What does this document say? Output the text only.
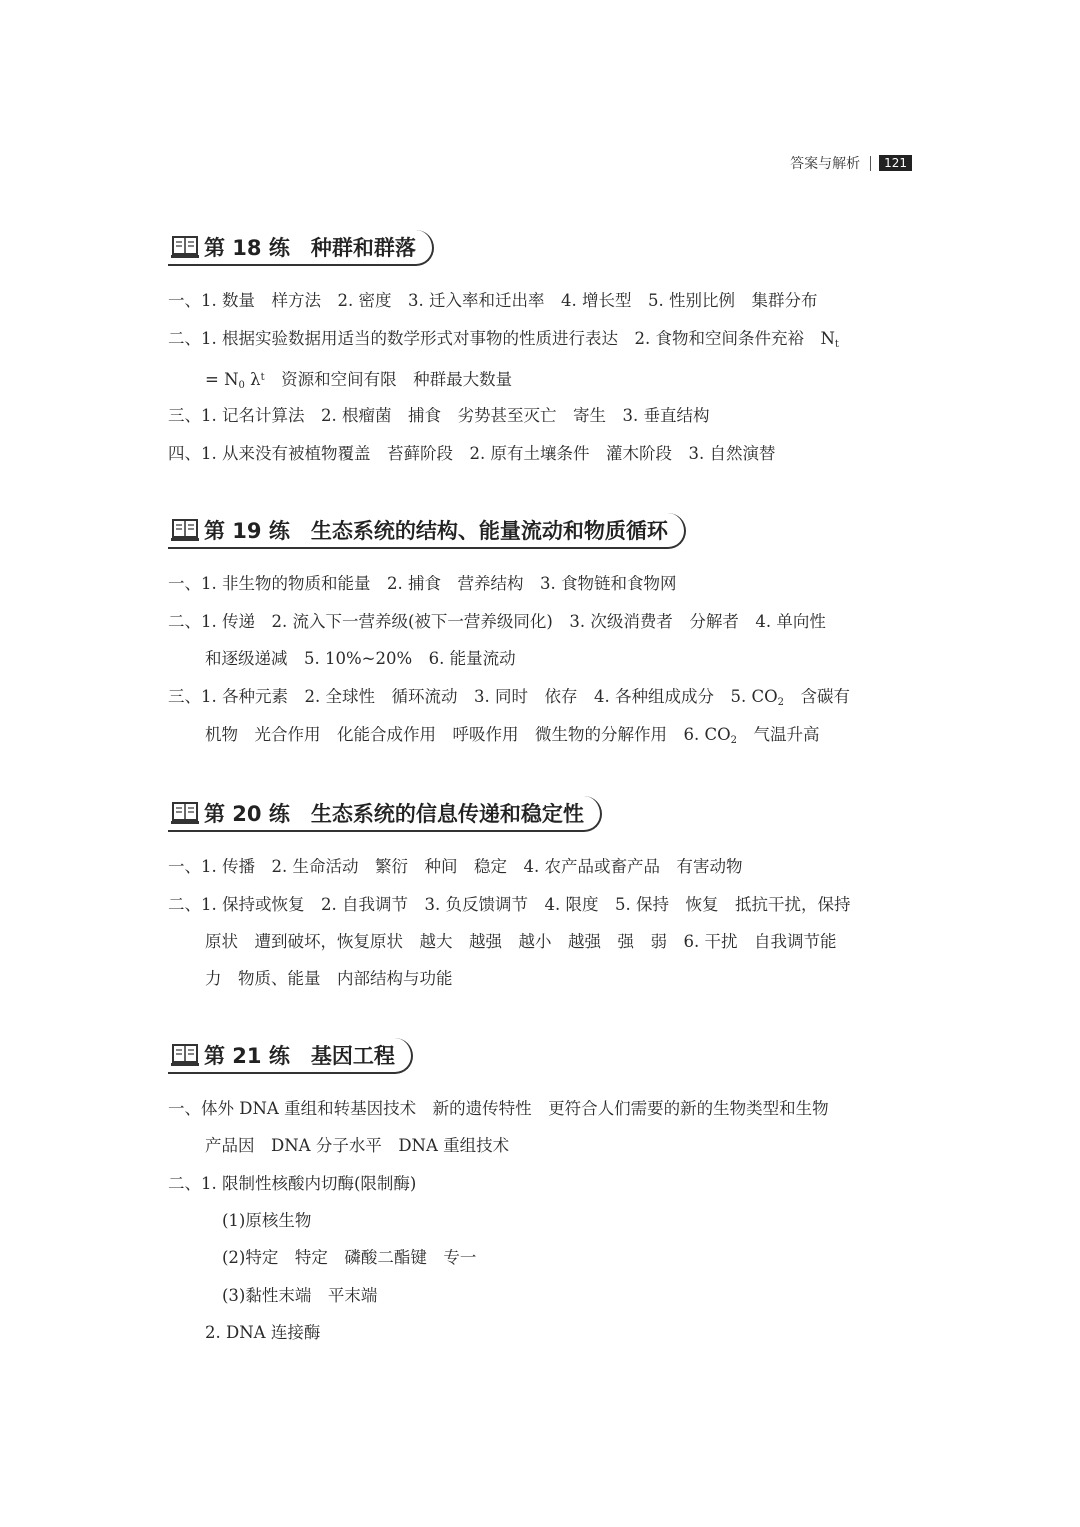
答案与解析	121
第 18 练　种群和群落
一、1. 数量　样方法　2. 密度　3. 迁入率和迁出率　4. 增长型　5. 性别比例　集群分布
二、1. 根据实验数据用适当的数学形式对事物的性质进行表达　2. 食物和空间条件充裕　$N_t$
= $N_0$ $\lambda^t$　资源和空间有限　种群最大数量
三、1. 记名计算法　2. 根瘤菌　捕食　劣势甚至灭亡　寄生　3. 垂直结构
四、1. 从来没有被植物覆盖　苔藓阶段　2. 原有土壤条件　灌木阶段　3. 自然演替
第 19 练　生态系统的结构、能量流动和物质循环
一、1. 非生物的物质和能量　2. 捕食　营养结构　3. 食物链和食物网
二、1. 传递　2. 流入下一营养级(被下一营养级同化)　3. 次级消费者　分解者　4. 单向性
和逐级递减　5. 10%~20%　6. 能量流动
三、1. 各种元素　2. 全球性　循环流动　3. 同时　依存　4. 各种组成成分　5. $CO_2$　含碳有
机物　光合作用　化能合成作用　呼吸作用　微生物的分解作用　6. $CO_2$　气温升高
第 20 练　生态系统的信息传递和稳定性
一、1. 传播　2. 生命活动　繁衍　种间　稳定　4. 农产品或畜产品　有害动物
二、1. 保持或恢复　2. 自我调节　3. 负反馈调节　4. 限度　5. 保持　恢复　抵抗干扰，保持
原状　遭到破坏，恢复原状　越大　越强　越小　越强　强　弱　6. 干扰　自我调节能
力　物质、能量　内部结构与功能
第 21 练　基因工程
一、体外 DNA 重组和转基因技术　新的遗传特性　更符合人们需要的新的生物类型和生物
产品因　DNA 分子水平　DNA 重组技术
二、1. 限制性核酸内切酶(限制酶)
(1)原核生物
(2)特定　特定　磷酸二酯键　专一
(3)黏性末端　平末端
2. DNA 连接酶
